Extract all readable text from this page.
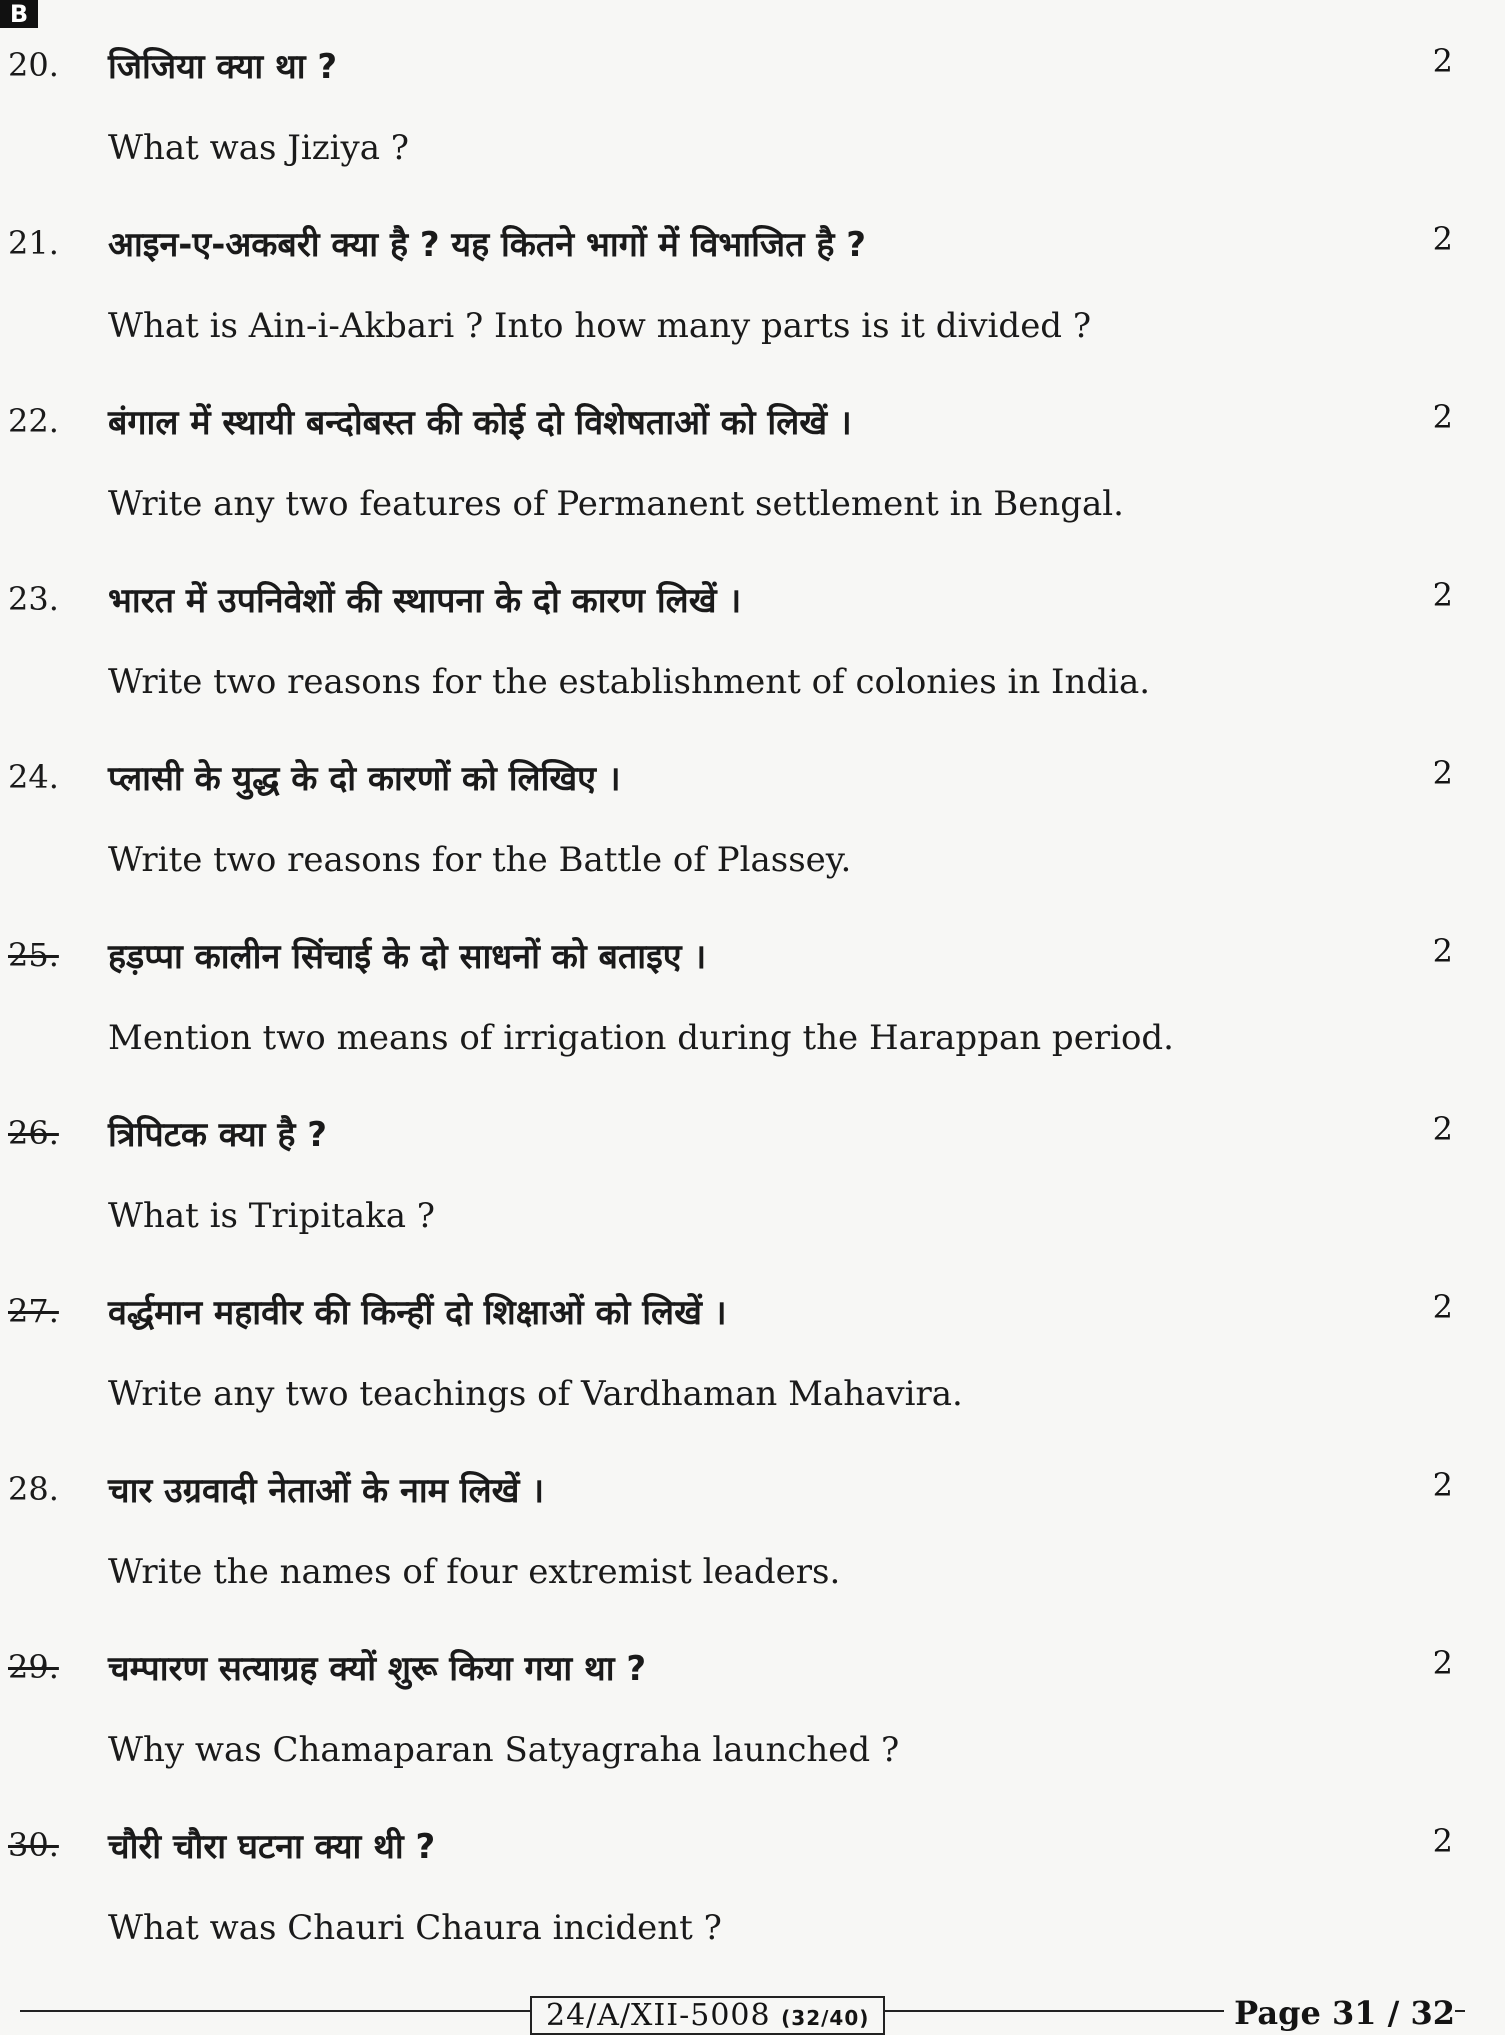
B
20.	जिजिया क्या था ?
What was Jiziya ?
2
21.	आइन-ए-अकबरी क्या है ? यह कितने भागों में विभाजित है ?
What is Ain-i-Akbari ? Into how many parts is it divided ?
2
22.	बंगाल में स्थायी बन्दोबस्त की कोई दो विशेषताओं को लिखें ।
Write any two features of Permanent settlement in Bengal.
2
23.	भारत में उपनिवेशों की स्थापना के दो कारण लिखें ।
Write two reasons for the establishment of colonies in India.
2
24.	प्लासी के युद्ध के दो कारणों को लिखिए ।
Write two reasons for the Battle of Plassey.
2
25.	हड़प्पा कालीन सिंचाई के दो साधनों को बताइए ।
Mention two means of irrigation during the Harappan period.
2
26.	त्रिपिटक क्या है ?
What is Tripitaka ?
2
27.	वर्द्धमान महावीर की किन्हीं दो शिक्षाओं को लिखें ।
Write any two teachings of Vardhaman Mahavira.
2
28.	चार उग्रवादी नेताओं के नाम लिखें ।
Write the names of four extremist leaders.
2
29.	चम्पारण सत्याग्रह क्यों शुरू किया गया था ?
Why was Chamaparan Satyagraha launched ?
2
30.	चौरी चौरा घटना क्या थी ?
What was Chauri Chaura incident ?
2
24/A/XII-5008 (32/40)	Page 31 / 32
